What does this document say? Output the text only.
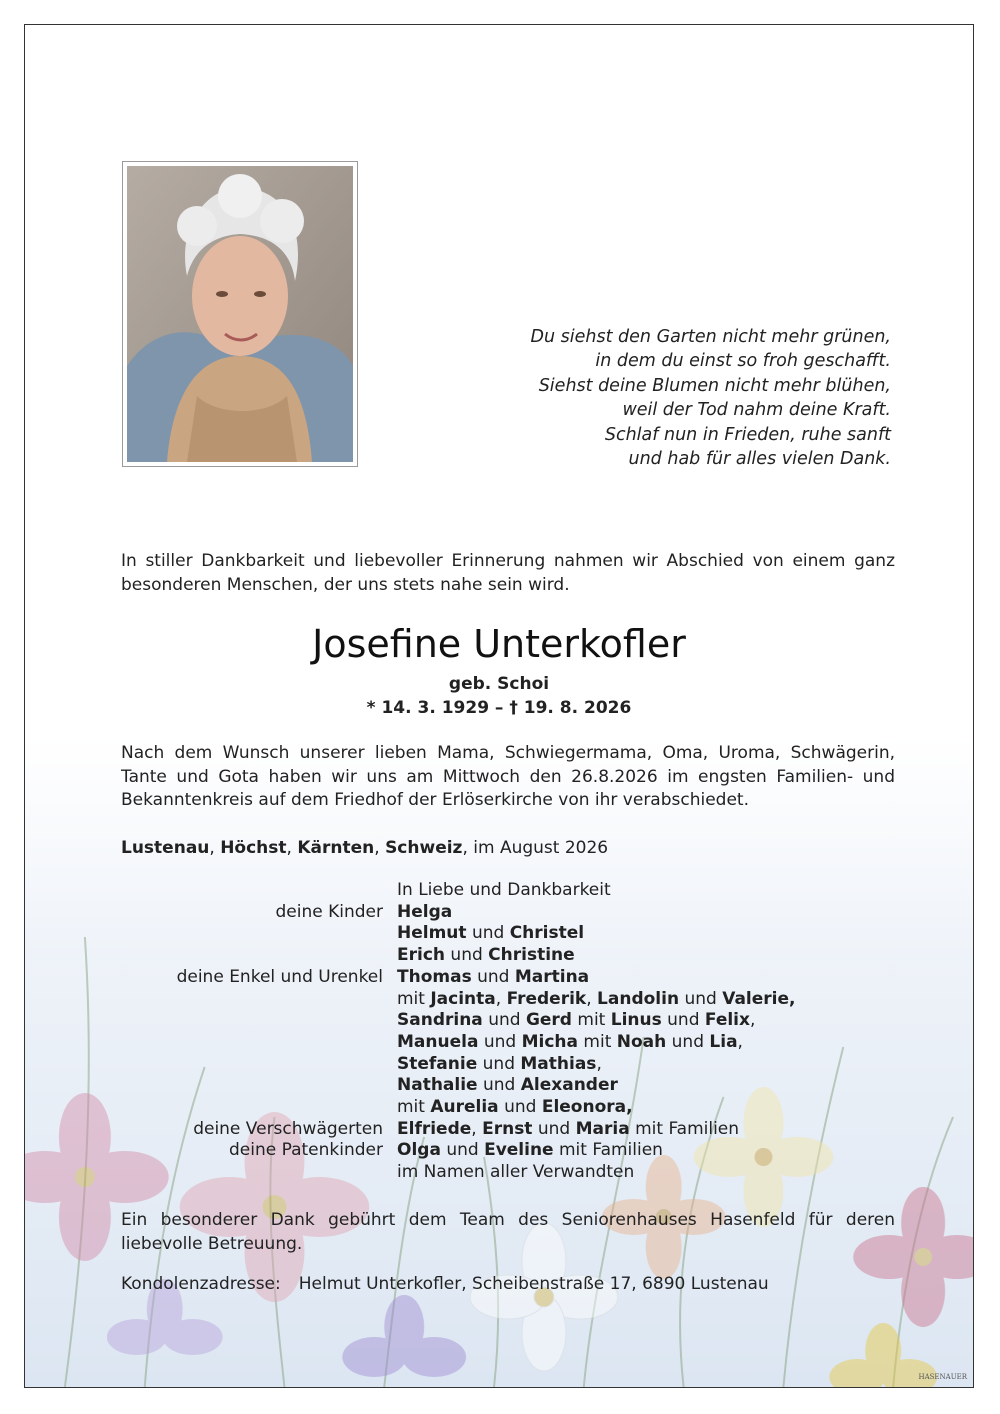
Du siehst den Garten nicht mehr grünen,
in dem du einst so froh geschafft.
Siehst deine Blumen nicht mehr blühen,
weil der Tod nahm deine Kraft.
Schlaf nun in Frieden, ruhe sanft
und hab für alles vielen Dank.
In stiller Dankbarkeit und liebevoller Erinnerung nahmen wir Abschied von einem ganz besonderen Menschen, der uns stets nahe sein wird.
Josefine Unterkofler
geb. Schoi
* 14. 3. 1929 – † 19. 8. 2026
Nach dem Wunsch unserer lieben Mama, Schwiegermama, Oma, Uroma, Schwägerin, Tante und Gota haben wir uns am Mittwoch den 26.8.2026 im engsten Familien- und Bekanntenkreis auf dem Friedhof der Erlöserkirche von ihr verabschiedet.
Lustenau, Höchst, Kärnten, Schweiz, im August 2026
In Liebe und Dankbarkeit
deine Kinder Helga
Helmut und Christel
Erich und Christine
deine Enkel und Urenkel Thomas und Martina
mit Jacinta, Frederik, Landolin und Valerie,
Sandrina und Gerd mit Linus und Felix,
Manuela und Micha mit Noah und Lia,
Stefanie und Mathias,
Nathalie und Alexander
mit Aurelia und Eleonora,
deine Verschwägerten Elfriede, Ernst und Maria mit Familien
deine Patenkinder Olga und Eveline mit Familien
im Namen aller Verwandten
Ein besonderer Dank gebührt dem Team des Seniorenhauses Hasenfeld für deren liebevolle Betreuung.
Kondolenzadresse: Helmut Unterkofler, Scheibenstraße 17, 6890 Lustenau
HASENAUER
